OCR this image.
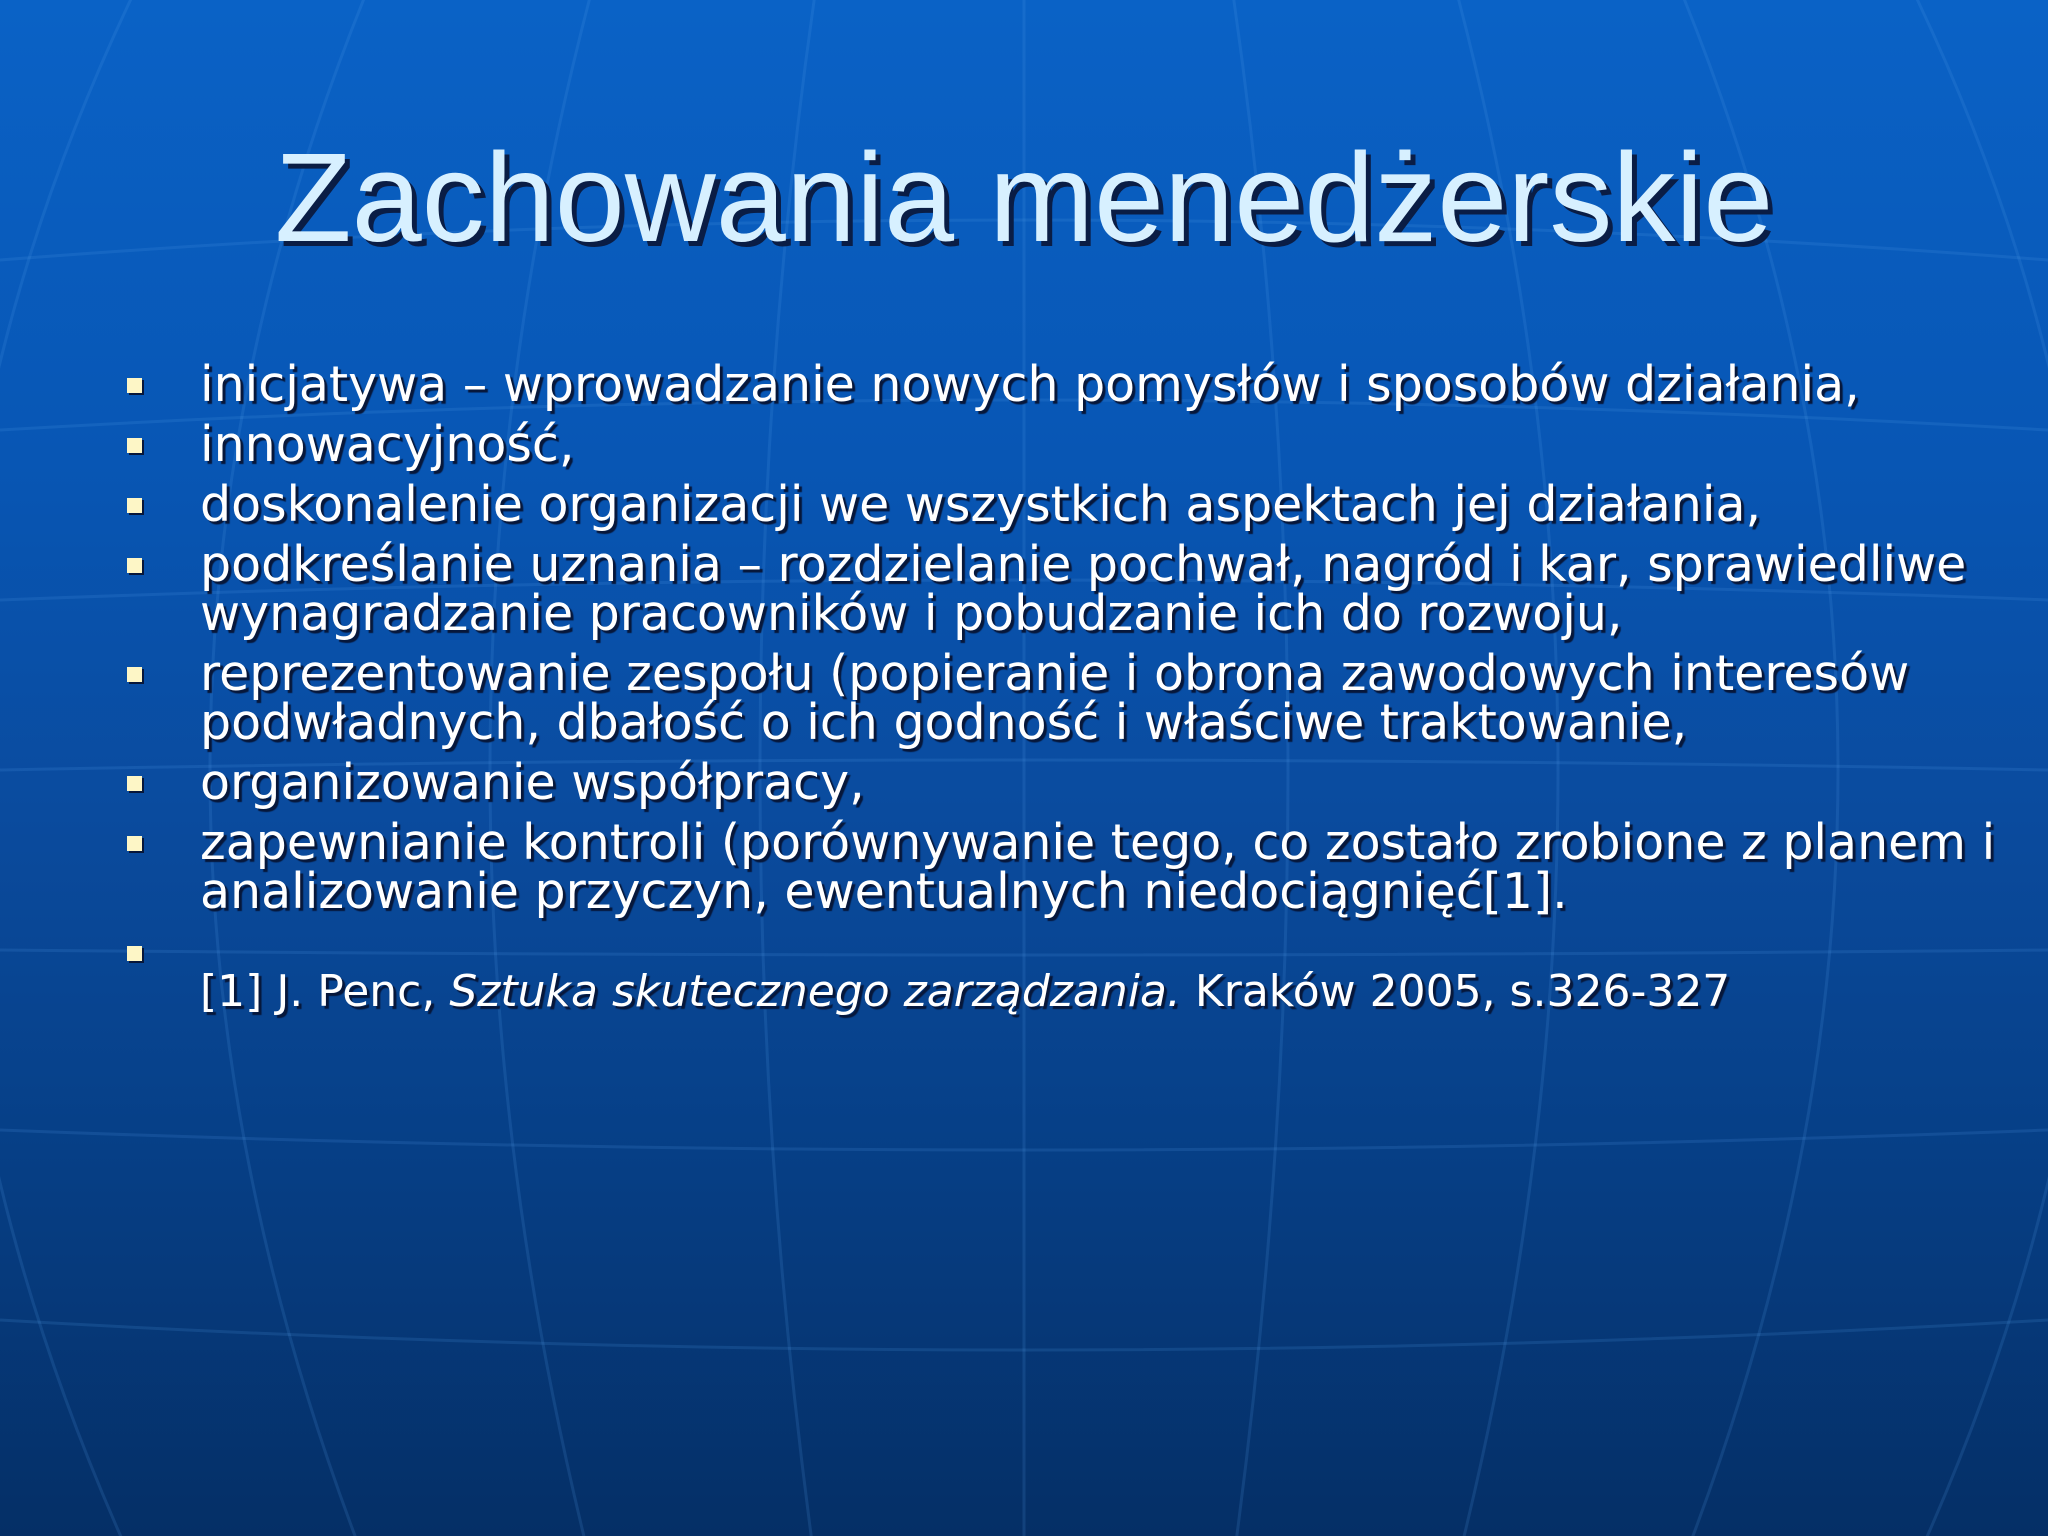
Zachowania menedżerskie
inicjatywa – wprowadzanie nowych pomysłów i sposobów działania,
innowacyjność,
doskonalenie organizacji we wszystkich aspektach jej działania,
podkreślanie uznania – rozdzielanie pochwał, nagród i kar, sprawiedliwe wynagradzanie pracowników i pobudzanie ich do rozwoju,
reprezentowanie zespołu (popieranie i obrona zawodowych interesów podwładnych, dbałość o ich godność i właściwe traktowanie,
organizowanie współpracy,
zapewnianie kontroli (porównywanie tego, co zostało zrobione z planem i analizowanie przyczyn, ewentualnych niedociągnięć[1].
[1] J. Penc, Sztuka skutecznego zarządzania. Kraków 2005, s.326-327
